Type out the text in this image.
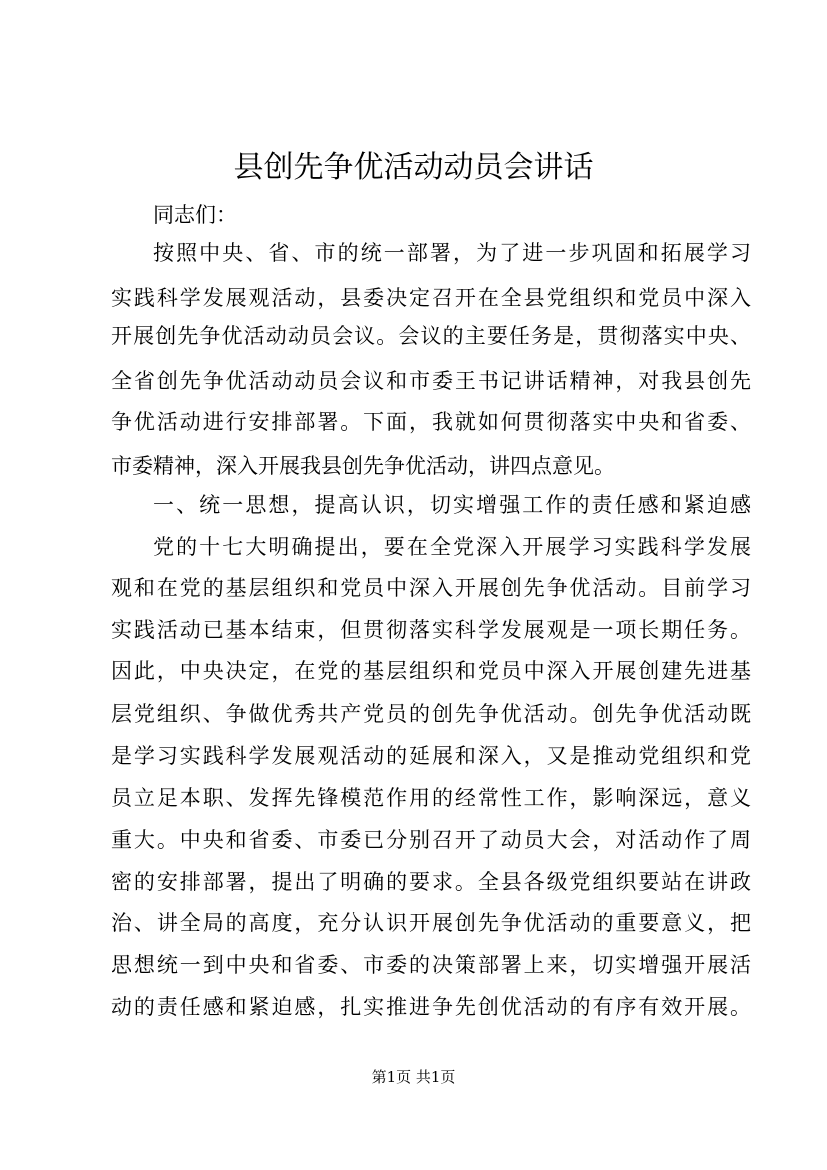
县创先争优活动动员会讲话
同志们：
按照中央、省、市的统一部署，为了进一步巩固和拓展学习
实践科学发展观活动，县委决定召开在全县党组织和党员中深入
开展创先争优活动动员会议。会议的主要任务是，贯彻落实中央、
全省创先争优活动动员会议和市委王书记讲话精神，对我县创先
争优活动进行安排部署。下面，我就如何贯彻落实中央和省委、
市委精神，深入开展我县创先争优活动，讲四点意见。
一、统一思想，提高认识，切实增强工作的责任感和紧迫感
党的十七大明确提出，要在全党深入开展学习实践科学发展
观和在党的基层组织和党员中深入开展创先争优活动。目前学习
实践活动已基本结束，但贯彻落实科学发展观是一项长期任务。
因此，中央决定，在党的基层组织和党员中深入开展创建先进基
层党组织、争做优秀共产党员的创先争优活动。创先争优活动既
是学习实践科学发展观活动的延展和深入，又是推动党组织和党
员立足本职、发挥先锋模范作用的经常性工作，影响深远，意义
重大。中央和省委、市委已分别召开了动员大会，对活动作了周
密的安排部署，提出了明确的要求。全县各级党组织要站在讲政
治、讲全局的高度，充分认识开展创先争优活动的重要意义，把
思想统一到中央和省委、市委的决策部署上来，切实增强开展活
动的责任感和紧迫感，扎实推进争先创优活动的有序有效开展。
第1页 共1页
